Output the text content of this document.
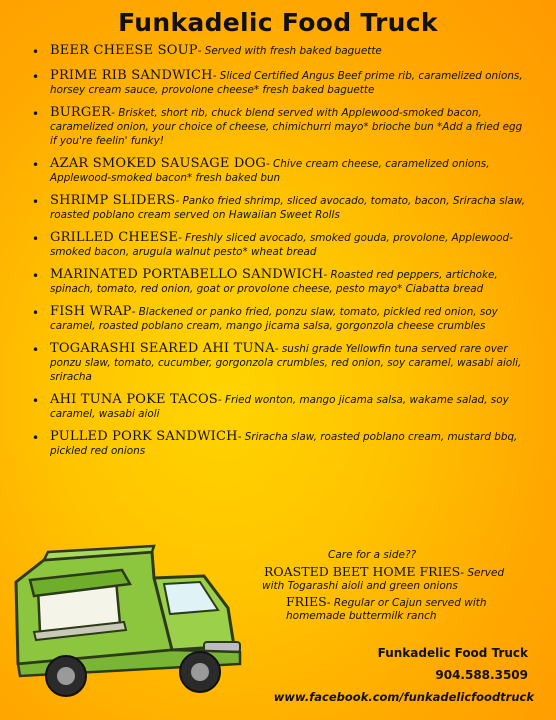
Funkadelic Food Truck
• BEER CHEESE SOUP- Served with fresh baked baguette
• PRIME RIB SANDWICH- Sliced Certified Angus Beef prime rib, caramelized onions, horsey cream sauce, provolone cheese* fresh baked baguette
• BURGER- Brisket, short rib, chuck blend served with Applewood-smoked bacon, caramelized onion, your choice of cheese, chimichurri mayo* brioche bun *Add a fried egg if you're feelin' funky!
• AZAR SMOKED SAUSAGE DOG- Chive cream cheese, caramelized onions, Applewood-smoked bacon* fresh baked bun
• SHRIMP SLIDERS- Panko fried shrimp, sliced avocado, tomato, bacon, Sriracha slaw, roasted poblano cream served on Hawaiian Sweet Rolls
• GRILLED CHEESE- Freshly sliced avocado, smoked gouda, provolone, Applewood-smoked bacon, arugula walnut pesto* wheat bread
• MARINATED PORTABELLO SANDWICH- Roasted red peppers, artichoke, spinach, tomato, red onion, goat or provolone cheese, pesto mayo* Ciabatta bread
• FISH WRAP- Blackened or panko fried, ponzu slaw, tomato, pickled red onion, soy caramel, roasted poblano cream, mango jicama salsa, gorgonzola cheese crumbles
• TOGARASHI SEARED AHI TUNA- sushi grade Yellowfin tuna served rare over ponzu slaw, tomato, cucumber, gorgonzola crumbles, red onion, soy caramel, wasabi aioli, sriracha
• AHI TUNA POKE TACOS- Fried wonton, mango jicama salsa, wakame salad, soy caramel, wasabi aioli
• PULLED PORK SANDWICH- Sriracha slaw, roasted poblano cream, mustard bbq, pickled red onions
Care for a side??
ROASTED BEET HOME FRIES- Served
with Togarashi aioli and green onions
FRIES- Regular or Cajun served with
homemade buttermilk ranch
Funkadelic Food Truck
904.588.3509
www.facebook.com/funkadelicfoodtruck
